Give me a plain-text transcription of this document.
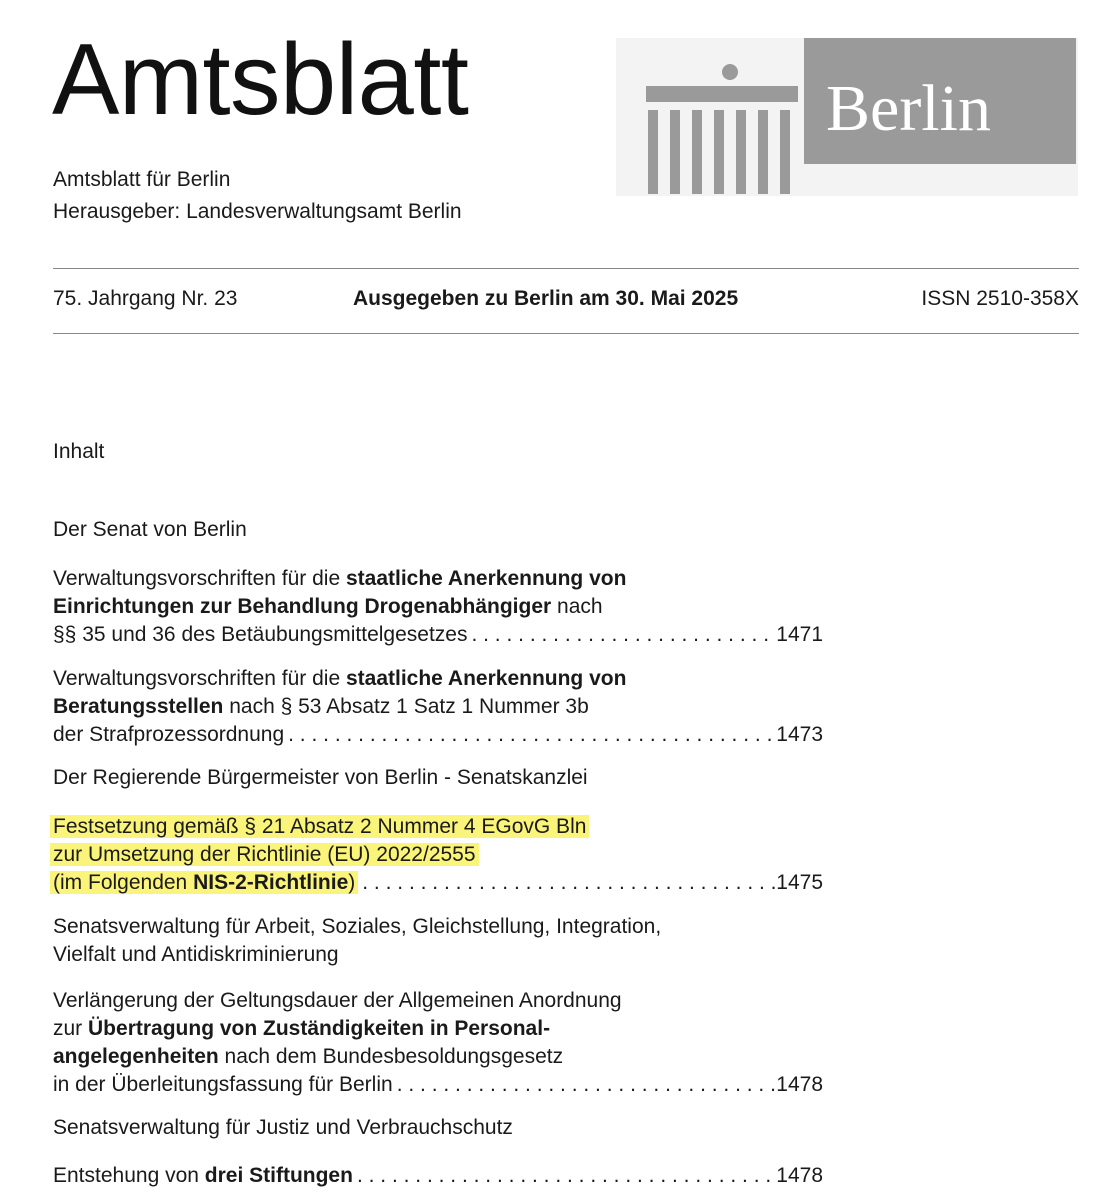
Amtsblatt
Amtsblatt für Berlin
Herausgeber: Landesverwaltungsamt Berlin
Berlin
75. Jahrgang Nr. 23	Ausgegeben zu Berlin am 30. Mai 2025	ISSN 2510-358X
Inhalt
Der Senat von Berlin
Verwaltungsvorschriften für die staatliche Anerkennung von
Einrichtungen zur Behandlung Drogenabhängiger nach
§§ 35 und 36 des Betäubungsmittelgesetzes . . .	1471
Verwaltungsvorschriften für die staatliche Anerkennung von
Beratungsstellen nach § 53 Absatz 1 Satz 1 Nummer 3b
der Strafprozessordnung . . .	1473
Der Regierende Bürgermeister von Berlin - Senatskanzlei
Festsetzung gemäß § 21 Absatz 2 Nummer 4 EGovG Bln
zur Umsetzung der Richtlinie (EU) 2022/2555
(im Folgenden NIS-2-Richtlinie) . . .	1475
Senatsverwaltung für Arbeit, Soziales, Gleichstellung, Integration,
Vielfalt und Antidiskriminierung
Verlängerung der Geltungsdauer der Allgemeinen Anordnung
zur Übertragung von Zuständigkeiten in Personal-
angelegenheiten nach dem Bundesbesoldungsgesetz
in der Überleitungsfassung für Berlin . . .	1478
Senatsverwaltung für Justiz und Verbrauchschutz
Entstehung von drei Stiftungen . . .	1478
